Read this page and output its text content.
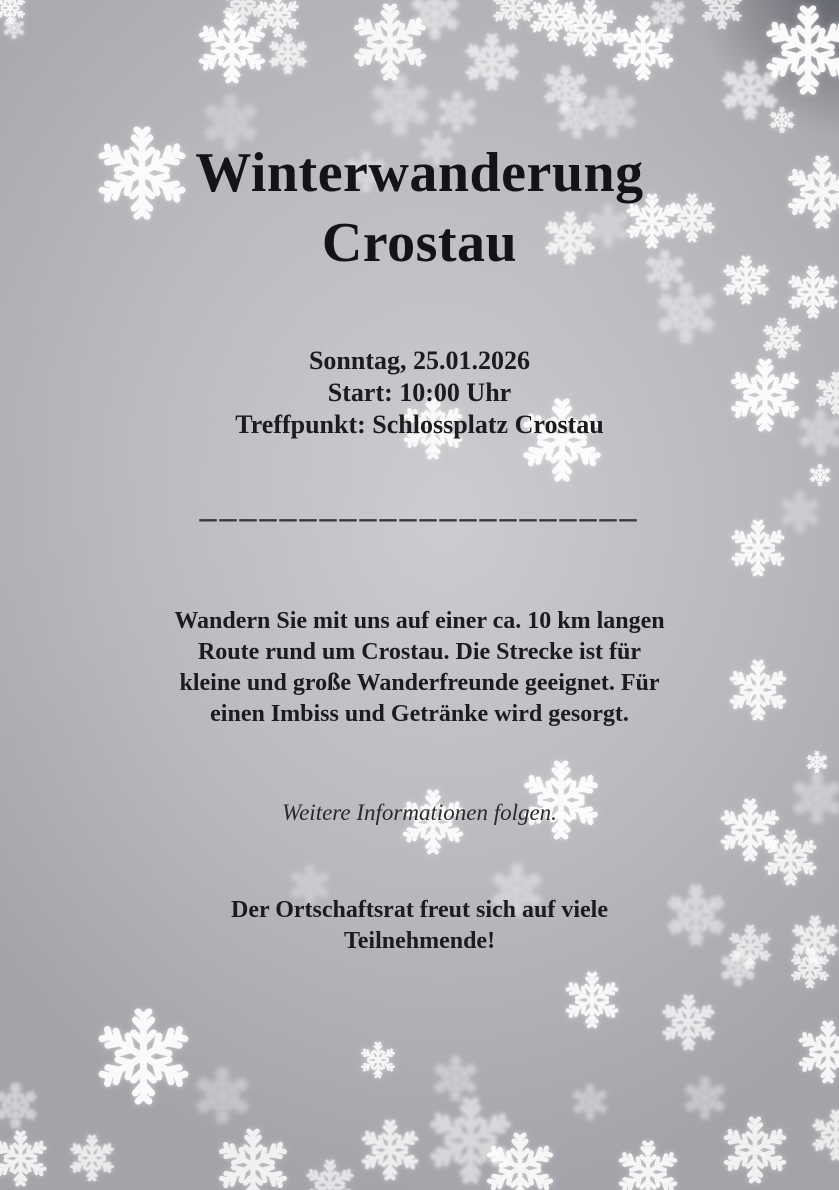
Winterwanderung
Crostau
Sonntag, 25.01.2026
Start: 10:00 Uhr
Treffpunkt: Schlossplatz Crostau
______________________
Wandern Sie mit uns auf einer ca. 10 km langen
Route rund um Crostau. Die Strecke ist für
kleine und große Wanderfreunde geeignet. Für
einen Imbiss und Getränke wird gesorgt.
Weitere Informationen folgen.
Der Ortschaftsrat freut sich auf viele
Teilnehmende!
